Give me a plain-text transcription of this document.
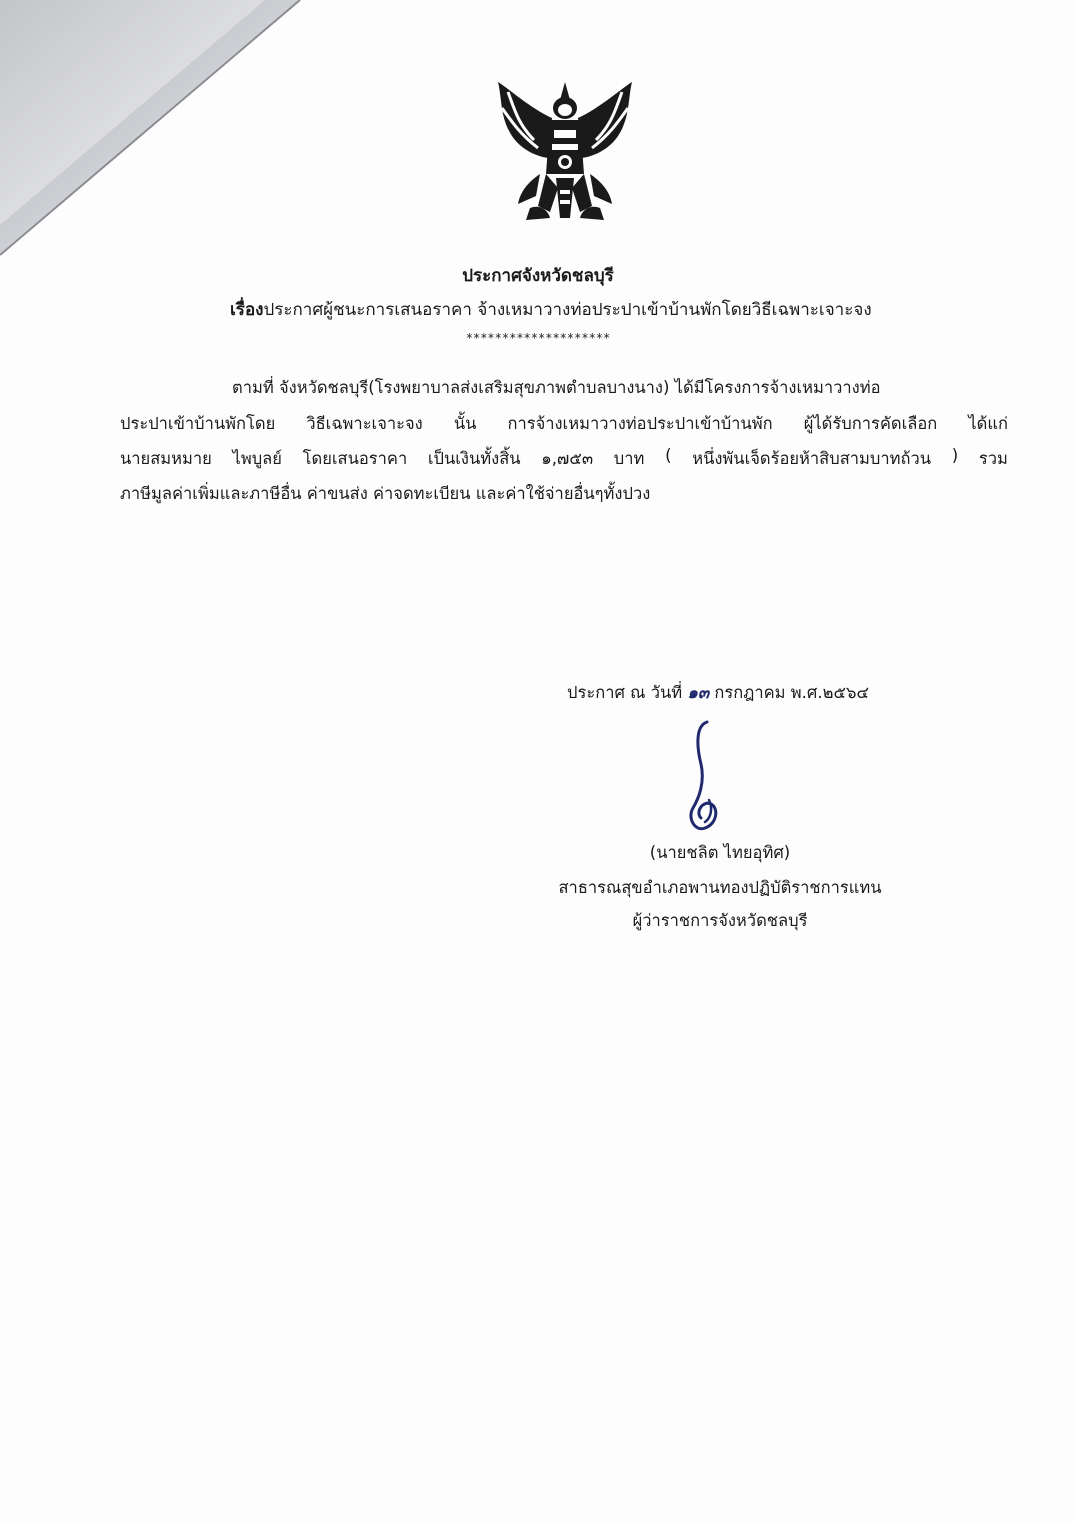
ประกาศจังหวัดชลบุรี
เรื่องประกาศผู้ชนะการเสนอราคา จ้างเหมาวางท่อประปาเข้าบ้านพักโดยวิธีเฉพาะเจาะจง
********************
ตามที่ จังหวัดชลบุรี(โรงพยาบาลส่งเสริมสุขภาพตำบลบางนาง) ได้มีโครงการจ้างเหมาวางท่อ
ประปาเข้าบ้านพักโดย วิธีเฉพาะเจาะจง นั้น การจ้างเหมาวางท่อประปาเข้าบ้านพัก ผู้ได้รับการคัดเลือก ได้แก่
นายสมหมาย ไพบูลย์ โดยเสนอราคา เป็นเงินทั้งสิ้น ๑,๗๕๓ บาท ( หนึ่งพันเจ็ดร้อยห้าสิบสามบาทถ้วน ) รวม
ภาษีมูลค่าเพิ่มและภาษีอื่น ค่าขนส่ง ค่าจดทะเบียน และค่าใช้จ่ายอื่นๆทั้งปวง
ประกาศ ณ วันที่ ๑๓ กรกฎาคม พ.ศ.๒๕๖๔
(นายชลิต ไทยอุทิศ)
สาธารณสุขอำเภอพานทองปฏิบัติราชการแทน
ผู้ว่าราชการจังหวัดชลบุรี
